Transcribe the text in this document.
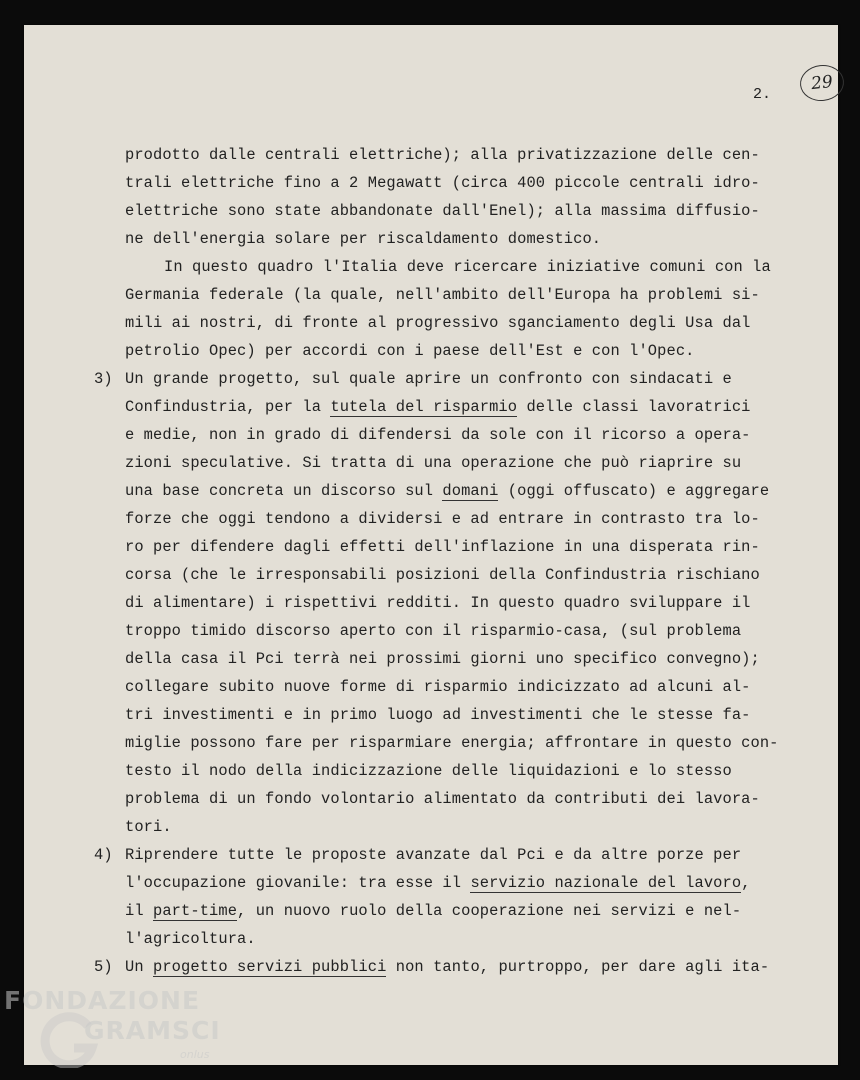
29
2.

prodotto dalle centrali elettriche); alla privatizzazione delle cen-

trali elettriche fino a 2 Megawatt (circa 400 piccole centrali idro-

elettriche sono state abbandonate dall'Enel); alla massima diffusio-

ne dell'energia solare per riscaldamento domestico.

In questo quadro l'Italia deve ricercare iniziative comuni con la

Germania federale (la quale, nell'ambito dell'Europa ha problemi si-

mili ai nostri, di fronte al progressivo sganciamento degli Usa dal

petrolio Opec) per accordi con i paese dell'Est e con l'Opec.

3) Un grande progetto, sul quale aprire un confronto con sindacati e

Confindustria, per la tutela del risparmio delle classi lavoratrici

e medie, non in grado di difendersi da sole con il ricorso a opera-

zioni speculative. Si tratta di una operazione che può riaprire su

una base concreta un discorso sul domani (oggi offuscato) e aggregare

forze che oggi tendono a dividersi e ad entrare in contrasto tra lo-

ro per difendere dagli effetti dell'inflazione in una disperata rin-

corsa (che le irresponsabili posizioni della Confindustria rischiano

di alimentare) i rispettivi redditi. In questo quadro sviluppare il

troppo timido discorso aperto con il risparmio-casa, (sul problema

della casa il Pci terrà nei prossimi giorni uno specifico convegno);

collegare subito nuove forme di risparmio indicizzato ad alcuni al-

tri investimenti e in primo luogo ad investimenti che le stesse fa-

miglie possono fare per risparmiare energia; affrontare in questo con-

testo il nodo della indicizzazione delle liquidazioni e lo stesso

problema di un fondo volontario alimentato da contributi dei lavora-

tori.

4) Riprendere tutte le proposte avanzate dal Pci e da altre porze per

l'occupazione giovanile: tra esse il servizio nazionale del lavoro,

il part-time, un nuovo ruolo della cooperazione nei servizi e nel-

l'agricoltura.

5) Un progetto servizi pubblici non tanto, purtroppo, per dare agli ita-

FONDAZIONE
GRAMSCI
onlus
